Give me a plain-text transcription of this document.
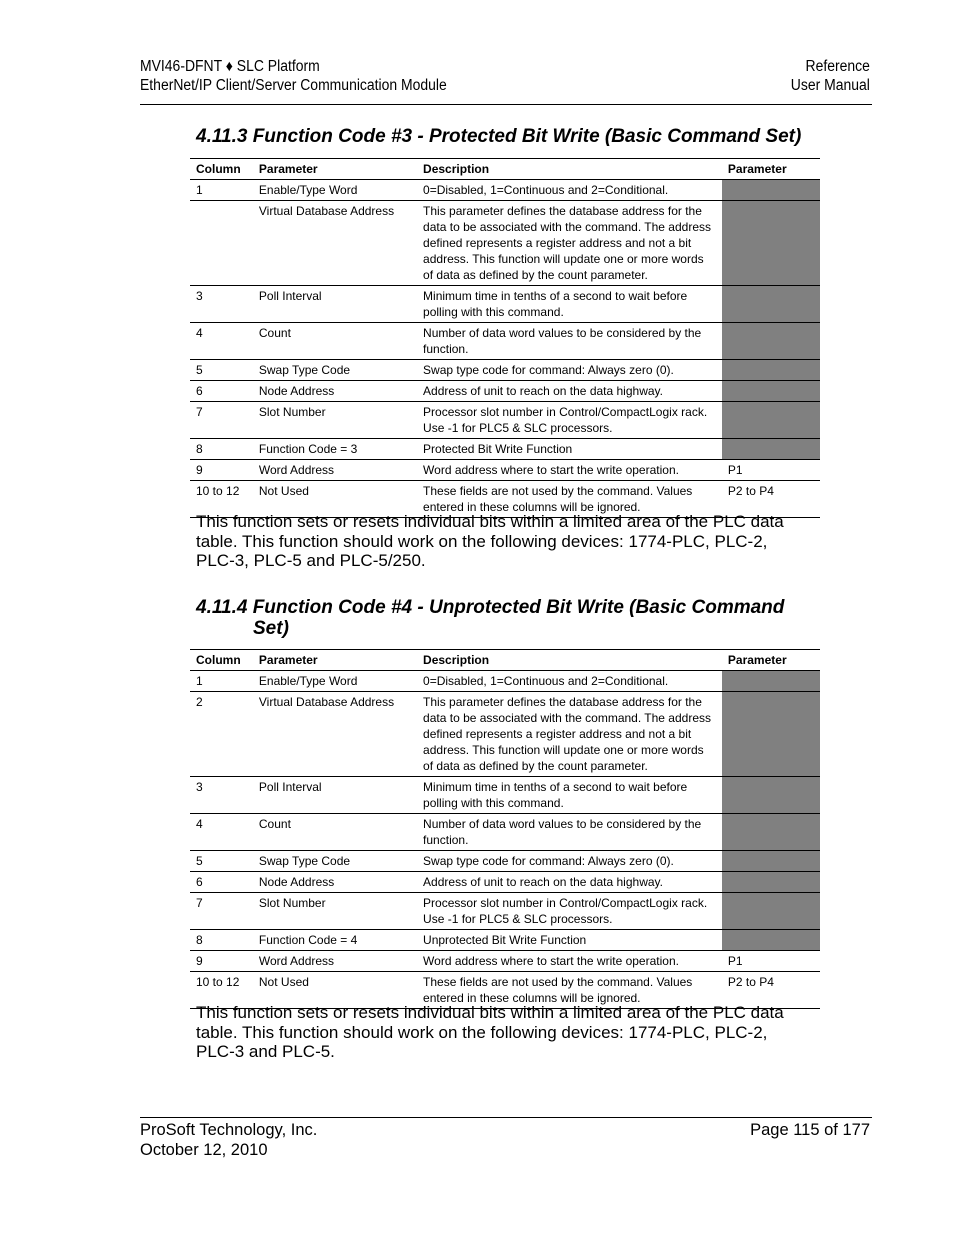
MVI46-DFNT ♦ SLC Platform
EtherNet/IP Client/Server Communication Module
Reference
User Manual
4.11.3 Function Code #3 - Protected Bit Write (Basic Command Set)
Column	Parameter	Description	Parameter
1	Enable/Type Word	0=Disabled, 1=Continuous and 2=Conditional.	
	Virtual Database Address	This parameter defines the database address for the data to be associated with the command. The address defined represents a register address and not a bit address. This function will update one or more words of data as defined by the count parameter.	
3	Poll Interval	Minimum time in tenths of a second to wait before polling with this command.	
4	Count	Number of data word values to be considered by the function.	
5	Swap Type Code	Swap type code for command: Always zero (0).	
6	Node Address	Address of unit to reach on the data highway.	
7	Slot Number	Processor slot number in Control/CompactLogix rack. Use -1 for PLC5 & SLC processors.	
8	Function Code = 3	Protected Bit Write Function	
9	Word Address	Word address where to start the write operation.	P1
10 to 12	Not Used	These fields are not used by the command. Values entered in these columns will be ignored.	P2 to P4

This function sets or resets individual bits within a limited area of the PLC data table. This function should work on the following devices: 1774-PLC, PLC-2, PLC-3, PLC-5 and PLC-5/250.

4.11.4 Function Code #4 - Unprotected Bit Write (Basic Command
Set)
Column	Parameter	Description	Parameter
1	Enable/Type Word	0=Disabled, 1=Continuous and 2=Conditional.	
2	Virtual Database Address	This parameter defines the database address for the data to be associated with the command. The address defined represents a register address and not a bit address. This function will update one or more words of data as defined by the count parameter.	
3	Poll Interval	Minimum time in tenths of a second to wait before polling with this command.	
4	Count	Number of data word values to be considered by the function.	
5	Swap Type Code	Swap type code for command: Always zero (0).	
6	Node Address	Address of unit to reach on the data highway.	
7	Slot Number	Processor slot number in Control/CompactLogix rack. Use -1 for PLC5 & SLC processors.	
8	Function Code = 4	Unprotected Bit Write Function	
9	Word Address	Word address where to start the write operation.	P1
10 to 12	Not Used	These fields are not used by the command. Values entered in these columns will be ignored.	P2 to P4

This function sets or resets individual bits within a limited area of the PLC data table. This function should work on the following devices: 1774-PLC, PLC-2, PLC-3 and PLC-5.

ProSoft Technology, Inc.
October 12, 2010
Page 115 of 177
